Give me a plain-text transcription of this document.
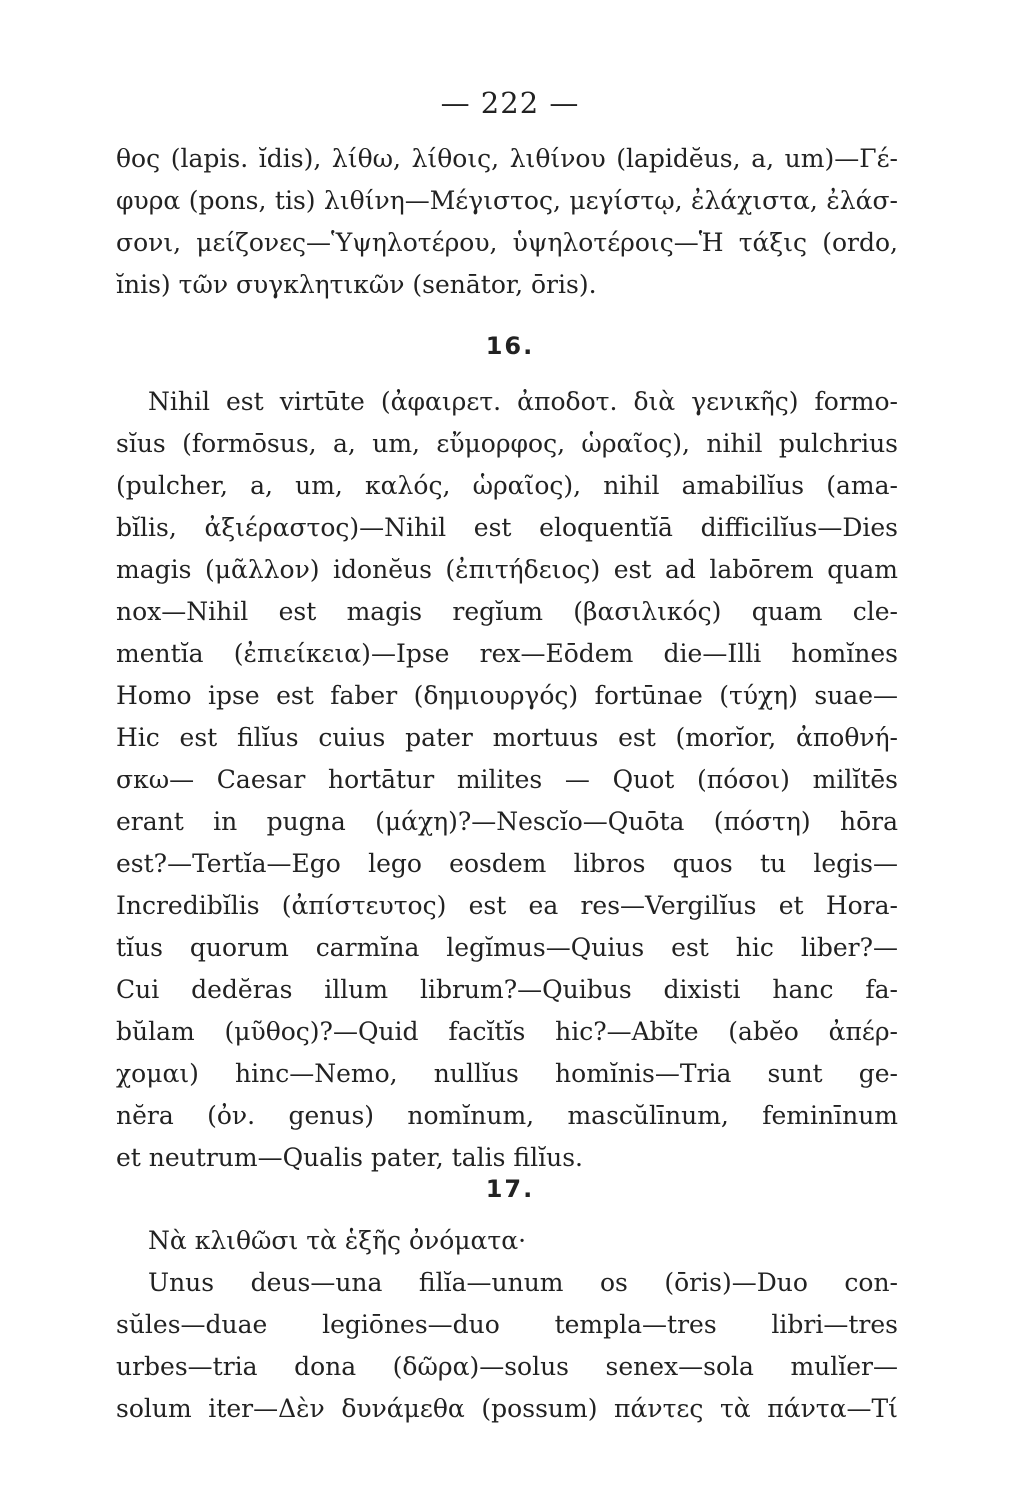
— 222 —
θος (lapis. ĭdis), λίθω, λίθοις, λιθίνου (lapidĕus, a, um)—Γέ-
φυρα (pons, tis) λιθίνη—Μέγιστος, μεγίστῳ, ἐλάχιστα, ἐλάσ-
σονι, μείζονες—Ὑψηλοτέρου, ὑψηλοτέροις—Ἡ τάξις (ordo,
ĭnis) τῶν συγκλητικῶν (senātor, ōris).
16.
Nihil est virtūte (ἀφαιρετ. ἀποδοτ. διὰ γενικῆς) formo-
sĭus (formōsus, a, um, εὔμορφος, ὡραῖος), nihil pulchrius
(pulcher, a, um, καλός, ὡραῖος), nihil amabilĭus (ama-
bĭlis, ἀξιέραστος)—Nihil est eloquentĭā difficilĭus—Dies
magis (μᾶλλον) idonĕus (ἐπιτήδειος) est ad labōrem quam
nox—Nihil est magis regĭum (βασιλικός) quam cle-
mentĭa (ἐπιείκεια)—Ipse rex—Eōdem die—Illi homĭnes
Homo ipse est faber (δημιουργός) fortūnae (τύχη) suae—
Hic est filĭus cuius pater mortuus est (morĭor, ἀποθνή-
σκω— Caesar hortātur milites — Quot (πόσοι) milĭtēs
erant in pugna (μάχη)?—Nescĭo—Quōta (πόστη) hōra
est?—Tertĭa—Ego lego eosdem libros quos tu legis—
Incredibĭlis (ἀπίστευτος) est ea res—Vergilĭus et Hora-
tĭus quorum carmĭna legĭmus—Quius est hic liber?—
Cui dedĕras illum librum?—Quibus dixisti hanc fa-
bŭlam (μῦθος)?—Quid facĭtĭs hic?—Abĭte (abĕo ἀπέρ-
χομαι) hinc—Nemo, nullĭus homĭnis—Tria sunt ge-
nĕra (ὀν. genus) nomĭnum, mascŭlīnum, feminīnum
et neutrum—Qualis pater, talis filĭus.
17.
Νὰ κλιθῶσι τὰ ἑξῆς ὀνόματα·
Unus deus—una filĭa—unum os (ōris)—Duo con-
sŭles—duae legiōnes—duo templa—tres libri—tres
urbes—tria dona (δῶρα)—solus senex—sola mulĭer—
solum iter—Δὲν δυνάμεθα (possum) πάντες τὰ πάντα—Τί
